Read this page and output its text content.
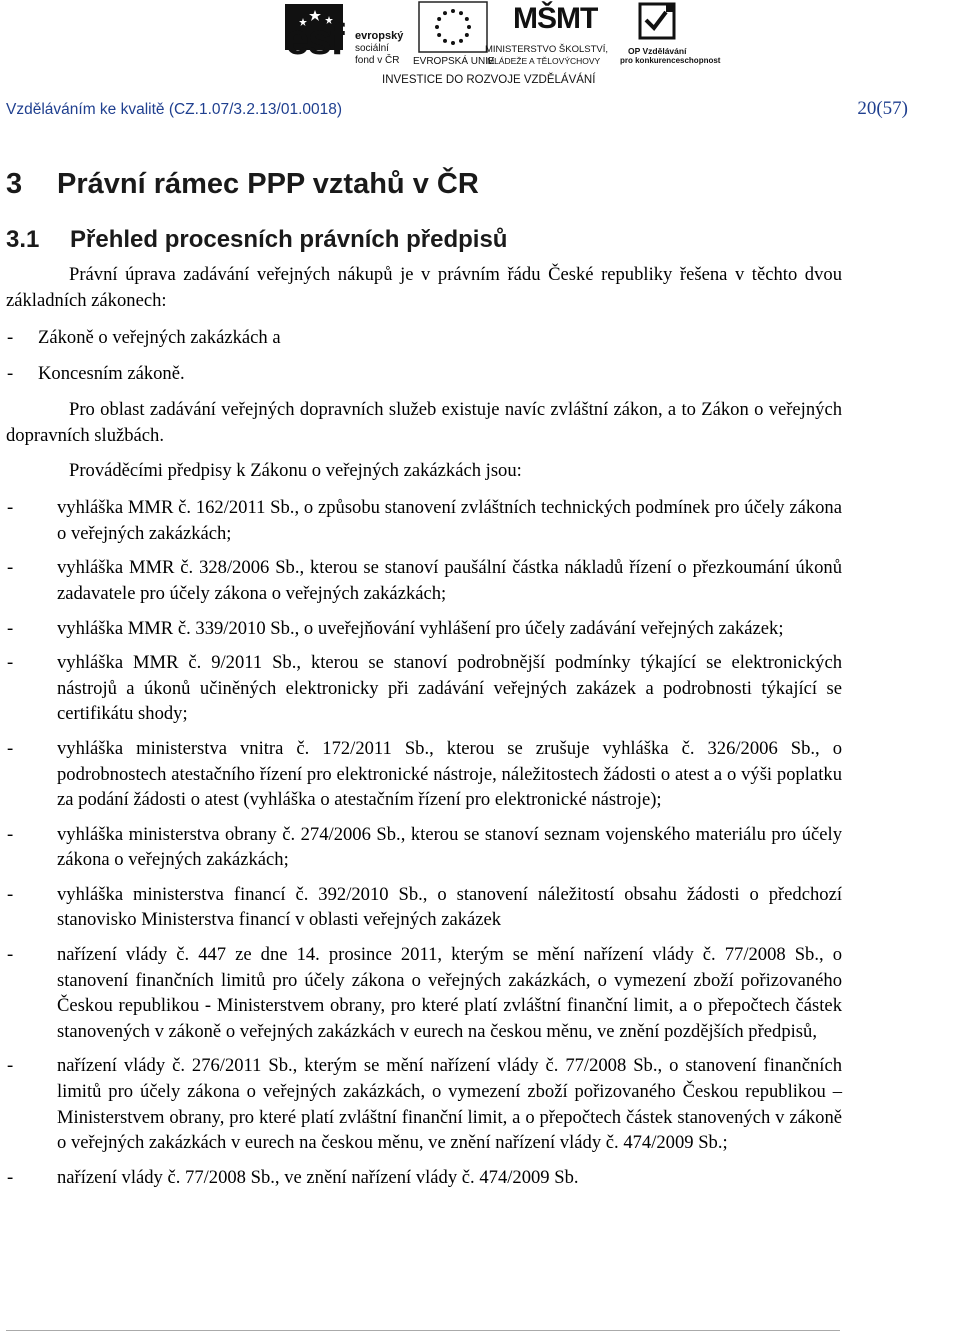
esf evropský
sociální
fond v ČR EVROPSKÁ UNIE
MŠMT
MINISTERSTVO ŠKOLSTVÍ,
MLÁDEŽE A TĚLOVÝCHOVY
OP Vzdělávání
pro konkurenceschopnost
INVESTICE DO ROZVOJE VZDĚLÁVÁNÍ
Vzděláváním ke kvalitě (CZ.1.07/3.2.13/01.0018)	20(57)
3 Právní rámec PPP vztahů v ČR
3.1 Přehled procesních právních předpisů

Právní úprava zadávání veřejných nákupů je v právním řádu České republiky řešena v těchto dvou základních zákonech:

- Zákoně o veřejných zakázkách a
- Koncesním zákoně.

Pro oblast zadávání veřejných dopravních služeb existuje navíc zvláštní zákon, a to Zákon o veřejných dopravních službách.

Prováděcími předpisy k Zákonu o veřejných zakázkách jsou:

- vyhláška MMR č. 162/2011 Sb., o způsobu stanovení zvláštních technických podmínek pro účely zákona o veřejných zakázkách;
- vyhláška MMR č. 328/2006 Sb., kterou se stanoví paušální částka nákladů řízení o přezkoumání úkonů zadavatele pro účely zákona o veřejných zakázkách;
- vyhláška MMR č. 339/2010 Sb., o uveřejňování vyhlášení pro účely zadávání veřejných zakázek;
- vyhláška MMR č. 9/2011 Sb., kterou se stanoví podrobnější podmínky týkající se elektronických nástrojů a úkonů učiněných elektronicky při zadávání veřejných zakázek a podrobnosti týkající se certifikátu shody;
- vyhláška ministerstva vnitra č. 172/2011 Sb., kterou se zrušuje vyhláška č. 326/2006 Sb., o podrobnostech atestačního řízení pro elektronické nástroje, náležitostech žádosti o atest a o výši poplatku za podání žádosti o atest (vyhláška o atestačním řízení pro elektronické nástroje);
- vyhláška ministerstva obrany č. 274/2006 Sb., kterou se stanoví seznam vojenského materiálu pro účely zákona o veřejných zakázkách;
- vyhláška ministerstva financí č. 392/2010 Sb., o stanovení náležitostí obsahu žádosti o předchozí stanovisko Ministerstva financí v oblasti veřejných zakázek
- nařízení vlády č. 447 ze dne 14. prosince 2011, kterým se mění nařízení vlády č. 77/2008 Sb., o stanovení finančních limitů pro účely zákona o veřejných zakázkách, o vymezení zboží pořizovaného Českou republikou - Ministerstvem obrany, pro které platí zvláštní finanční limit, a o přepočtech částek stanovených v zákoně o veřejných zakázkách v eurech na českou měnu, ve znění pozdějších předpisů,
- nařízení vlády č. 276/2011 Sb., kterým se mění nařízení vlády č. 77/2008 Sb., o stanovení finančních limitů pro účely zákona o veřejných zakázkách, o vymezení zboží pořizovaného Českou republikou – Ministerstvem obrany, pro které platí zvláštní finanční limit, a o přepočtech částek stanovených v zákoně o veřejných zakázkách v eurech na českou měnu, ve znění nařízení vlády č. 474/2009 Sb.;
- nařízení vlády č. 77/2008 Sb., ve znění nařízení vlády č. 474/2009 Sb.
